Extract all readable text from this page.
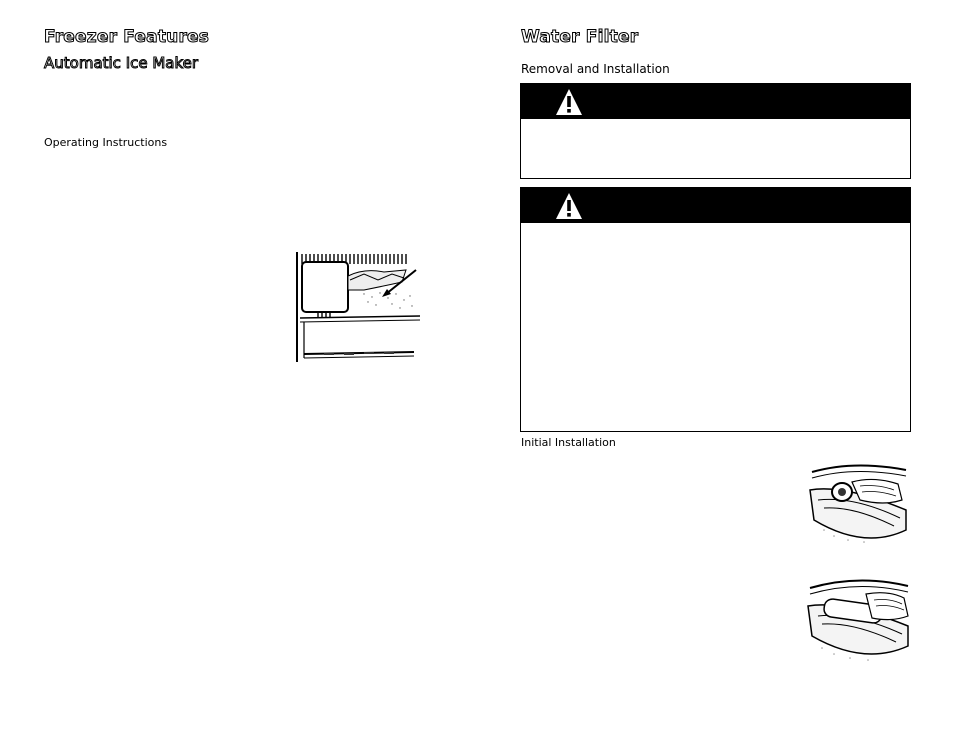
Freezer Features
Automatic Ice Maker
Operating Instructions
Water Filter
Removal and Installation
Initial Installation
